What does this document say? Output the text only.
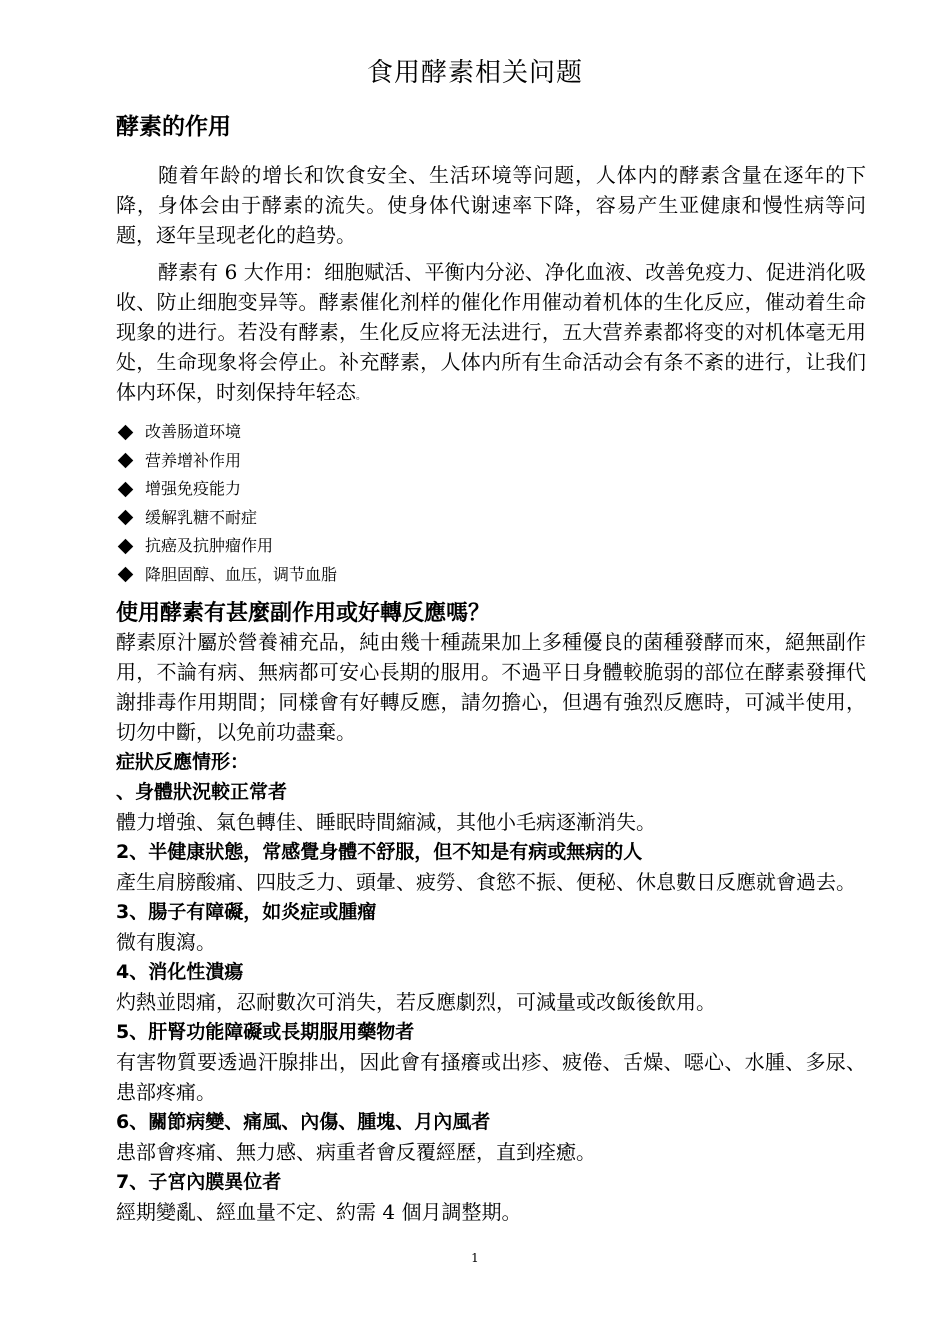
食用酵素相关问题
酵素的作用

随着年龄的增长和饮食安全、生活环境等问题，人体内的酵素含量在逐年的下降，身体会由于酵素的流失。使身体代谢速率下降，容易产生亚健康和慢性病等问题，逐年呈现老化的趋势。

酵素有 6 大作用：细胞赋活、平衡内分泌、净化血液、改善免疫力、促进消化吸收、防止细胞变异等。酵素催化剂样的催化作用催动着机体的生化反应，催动着生命现象的进行。若没有酵素，生化反应将无法进行，五大营养素都将变的对机体毫无用处，生命现象将会停止。补充酵素，人体内所有生命活动会有条不紊的进行，让我们体内环保，时刻保持年轻态。

改善肠道环境
营养增补作用
增强免疫能力
缓解乳糖不耐症
抗癌及抗肿瘤作用
降胆固醇、血压，调节血脂
使用酵素有甚麼副作用或好轉反應嗎？

酵素原汁屬於營養補充品，純由幾十種蔬果加上多種優良的菌種發酵而來，絕無副作用，不論有病、無病都可安心長期的服用。不過平日身體較脆弱的部位在酵素發揮代謝排毒作用期間；同樣會有好轉反應，請勿擔心，但遇有強烈反應時，可減半使用，切勿中斷，以免前功盡棄。

症狀反應情形：

、身體狀況較正常者

體力增強、氣色轉佳、睡眠時間縮減，其他小毛病逐漸消失。

2、半健康狀態，常感覺身體不舒服，但不知是有病或無病的人

產生肩膀酸痛、四肢乏力、頭暈、疲勞、食慾不振、便秘、休息數日反應就會過去。

3、腸子有障礙，如炎症或腫瘤

微有腹瀉。

4、消化性潰瘍

灼熱並悶痛，忍耐數次可消失，若反應劇烈，可減量或改飯後飲用。

5、肝腎功能障礙或長期服用藥物者

有害物質要透過汗腺排出，因此會有搔癢或出疹、疲倦、舌燥、噁心、水腫、多尿、患部疼痛。

6、關節病變、痛風、內傷、腫塊、月內風者

患部會疼痛、無力感、病重者會反覆經歷，直到痊癒。

7、子宮內膜異位者

經期變亂、經血量不定、約需 4 個月調整期。

1
